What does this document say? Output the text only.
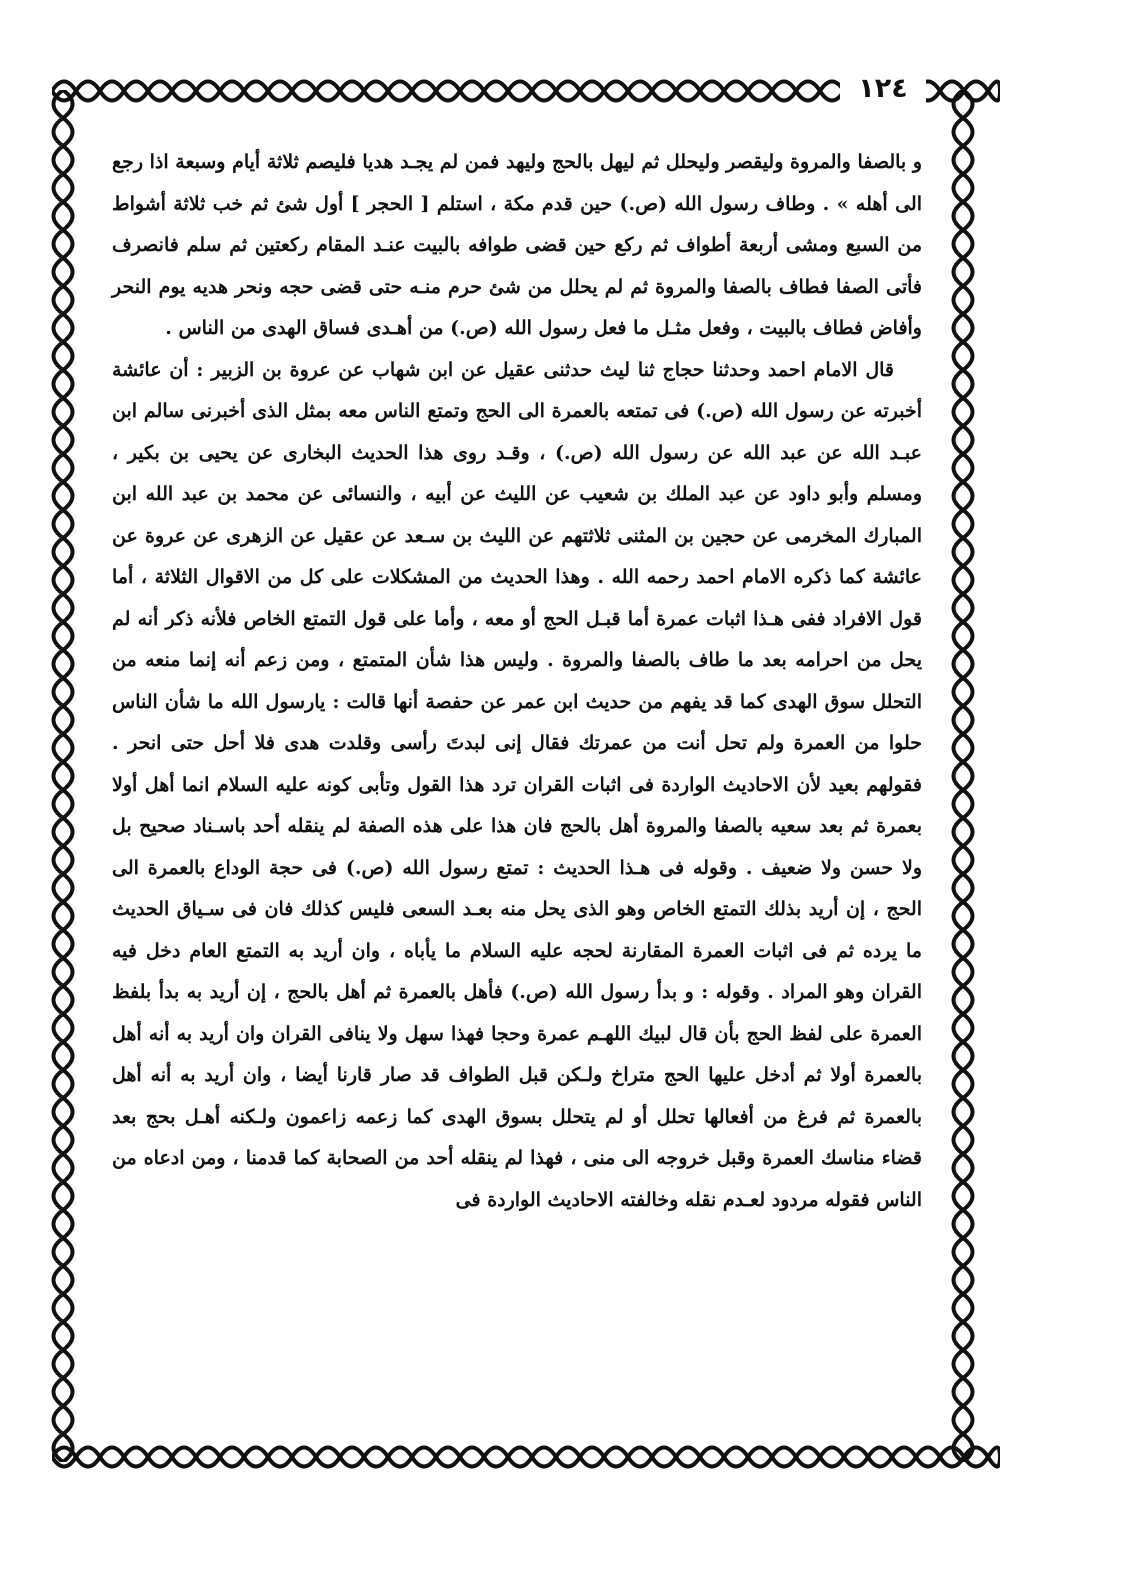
١٢٤

و بالصفا والمروة وليقصر وليحلل ثم ليهل بالحج وليهد فمن لم يجـد هديا فليصم ثلاثة أيام وسبعة اذا رجع الى أهله » . وطاف رسول الله (ص.) حين قدم مكة ، استلم [ الحجر ] أول شئ ثم خب ثلاثة أشواط من السبع ومشى أربعة أطواف ثم ركع حين قضى طوافه بالبيت عنـد المقام ركعتين ثم سلم فانصرف فأتى الصفا فطاف بالصفا والمروة ثم لم يحلل من شئ حرم منـه حتى قضى حجه ونحر هديه يوم النحر وأفاض فطاف بالبيت ، وفعل مثـل ما فعل رسول الله (ص.) من أهـدى فساق الهدى من الناس .

قال الامام احمد وحدثنا حجاج ثنا ليث حدثنى عقيل عن ابن شهاب عن عروة بن الزبير : أن عائشة أخبرته عن رسول الله (ص.) فى تمتعه بالعمرة الى الحج وتمتع الناس معه بمثل الذى أخبرنى سالم ابن عبـد الله عن عبد الله عن رسول الله (ص.) ، وقـد روى هذا الحديث البخارى عن يحيى بن بكير ، ومسلم وأبو داود عن عبد الملك بن شعيب عن الليث عن أبيه ، والنسائى عن محمد بن عبد الله ابن المبارك المخرمى عن حجين بن المثنى ثلاثتهم عن الليث بن سـعد عن عقيل عن الزهرى عن عروة عن عائشة كما ذكره الامام احمد رحمه الله . وهذا الحديث من المشكلات على كل من الاقوال الثلاثة ، أما قول الافراد ففى هـذا اثبات عمرة أما قبـل الحج أو معه ، وأما على قول التمتع الخاص فلأنه ذكر أنه لم يحل من احرامه بعد ما طاف بالصفا والمروة . وليس هذا شأن المتمتع ، ومن زعم أنه إنما منعه من التحلل سوق الهدى كما قد يفهم من حديث ابن عمر عن حفصة أنها قالت : يارسول الله ما شأن الناس حلوا من العمرة ولم تحل أنت من عمرتك فقال إنى لبدتَ رأسى وقلدت هدى فلا أحل حتى انحر . فقولهم بعيد لأن الاحاديث الواردة فى اثبات القران ترد هذا القول وتأبى كونه عليه السلام انما أهل أولا بعمرة ثم بعد سعيه بالصفا والمروة أهل بالحج فان هذا على هذه الصفة لم ينقله أحد باسـناد صحيح بل ولا حسن ولا ضعيف . وقوله فى هـذا الحديث : تمتع رسول الله (ص.) فى حجة الوداع بالعمرة الى الحج ، إن أريد بذلك التمتع الخاص وهو الذى يحل منه بعـد السعى فليس كذلك فان فى سـياق الحديث ما يرده ثم فى اثبات العمرة المقارنة لحجه عليه السلام ما يأباه ، وان أريد به التمتع العام دخل فيه القران وهو المراد . وقوله : و بدأ رسول الله (ص.) فأهل بالعمرة ثم أهل بالحج ، إن أريد به بدأ بلفظ العمرة على لفظ الحج بأن قال لبيك اللهـم عمرة وحجا فهذا سهل ولا ينافى القران وان أريد به أنه أهل بالعمرة أولا ثم أدخل عليها الحج متراخ ولـكن قبل الطواف قد صار قارنا أيضا ، وان أريد به أنه أهل بالعمرة ثم فرغ من أفعالها تحلل أو لم يتحلل بسوق الهدى كما زعمه زاعمون ولـكنه أهـل بحج بعد قضاء مناسك العمرة وقبل خروجه الى منى ، فهذا لم ينقله أحد من الصحابة كما قدمنا ، ومن ادعاه من الناس فقوله مردود لعـدم نقله وخالفته الاحاديث الواردة فى
